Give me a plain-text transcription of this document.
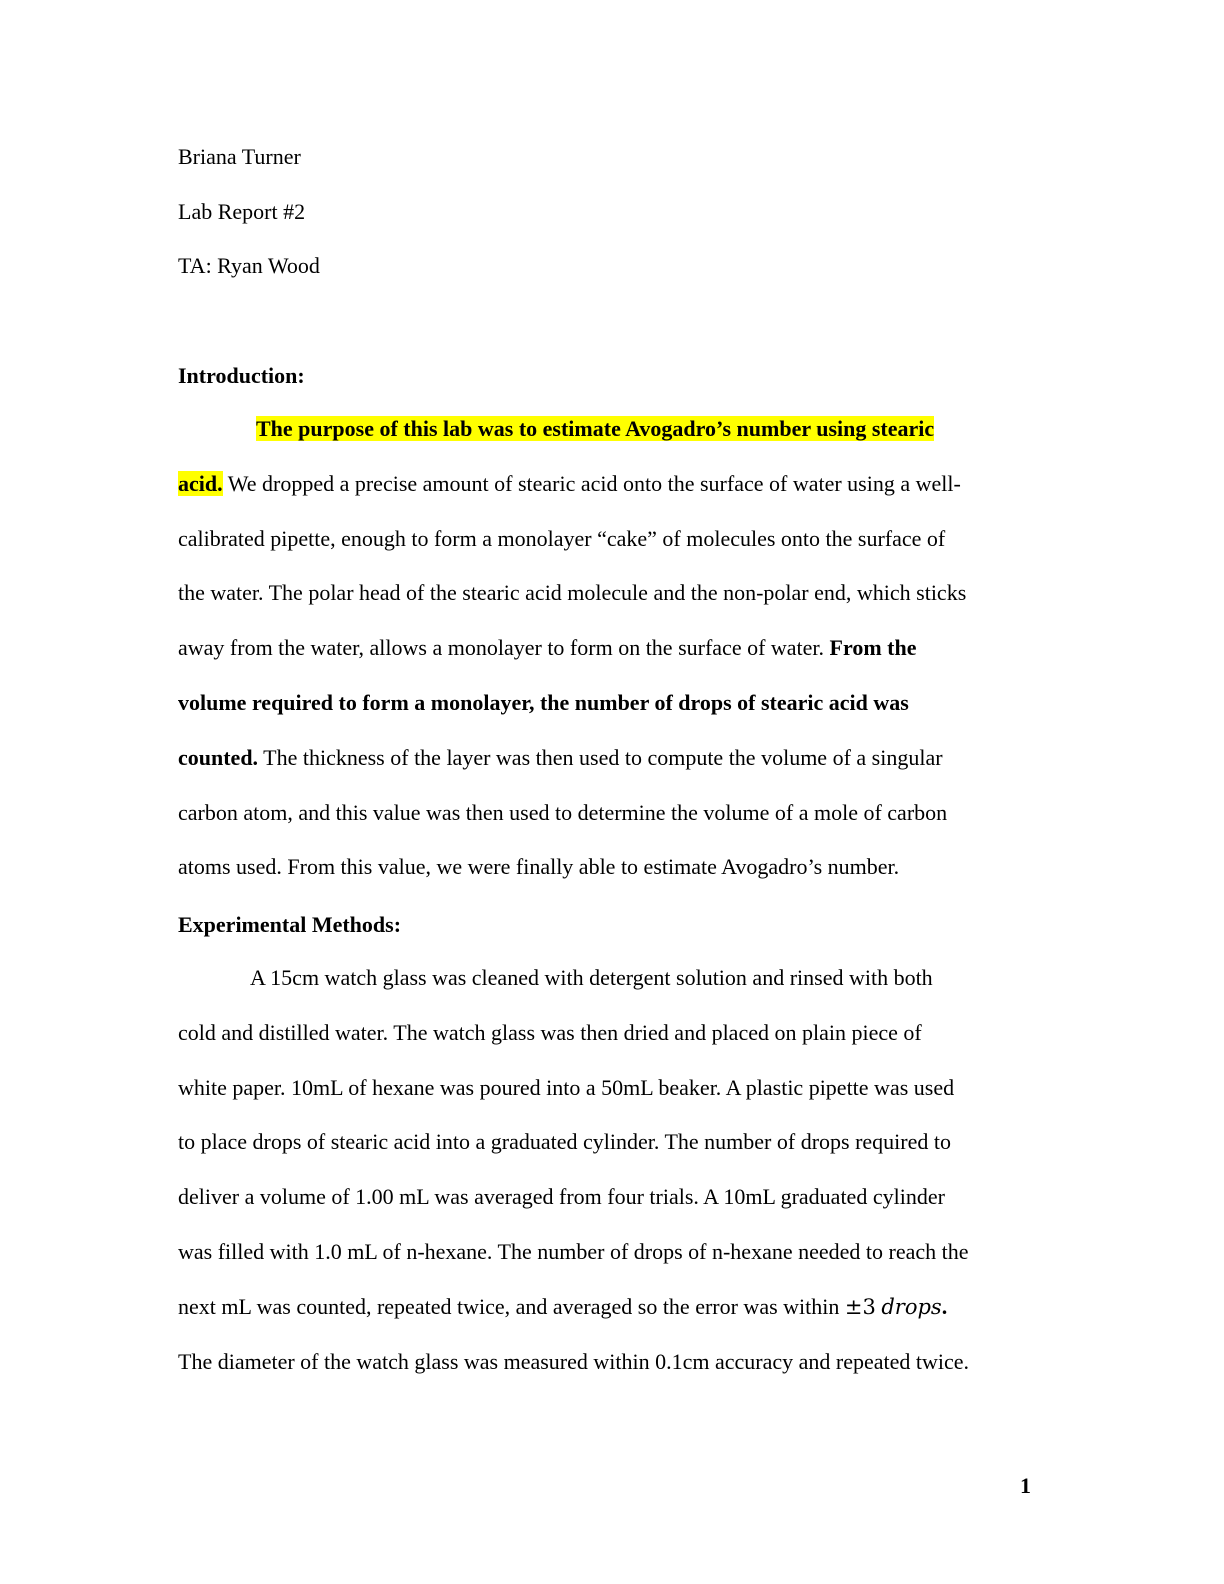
Briana Turner
Lab Report #2
TA: Ryan Wood
Introduction:
The purpose of this lab was to estimate Avogadro’s number using stearic
acid. We dropped a precise amount of stearic acid onto the surface of water using a well-
calibrated pipette, enough to form a monolayer “cake” of molecules onto the surface of
the water. The polar head of the stearic acid molecule and the non-polar end, which sticks
away from the water, allows a monolayer to form on the surface of water. From the
volume required to form a monolayer, the number of drops of stearic acid was
counted. The thickness of the layer was then used to compute the volume of a singular
carbon atom, and this value was then used to determine the volume of a mole of carbon
atoms used. From this value, we were finally able to estimate Avogadro’s number.
Experimental Methods:
A 15cm watch glass was cleaned with detergent solution and rinsed with both
cold and distilled water. The watch glass was then dried and placed on plain piece of
white paper. 10mL of hexane was poured into a 50mL beaker. A plastic pipette was used
to place drops of stearic acid into a graduated cylinder. The number of drops required to
deliver a volume of 1.00 mL was averaged from four trials. A 10mL graduated cylinder
was filled with 1.0 mL of n-hexane. The number of drops of n-hexane needed to reach the
next mL was counted, repeated twice, and averaged so the error was within ±3 drops.
The diameter of the watch glass was measured within 0.1cm accuracy and repeated twice.
1
